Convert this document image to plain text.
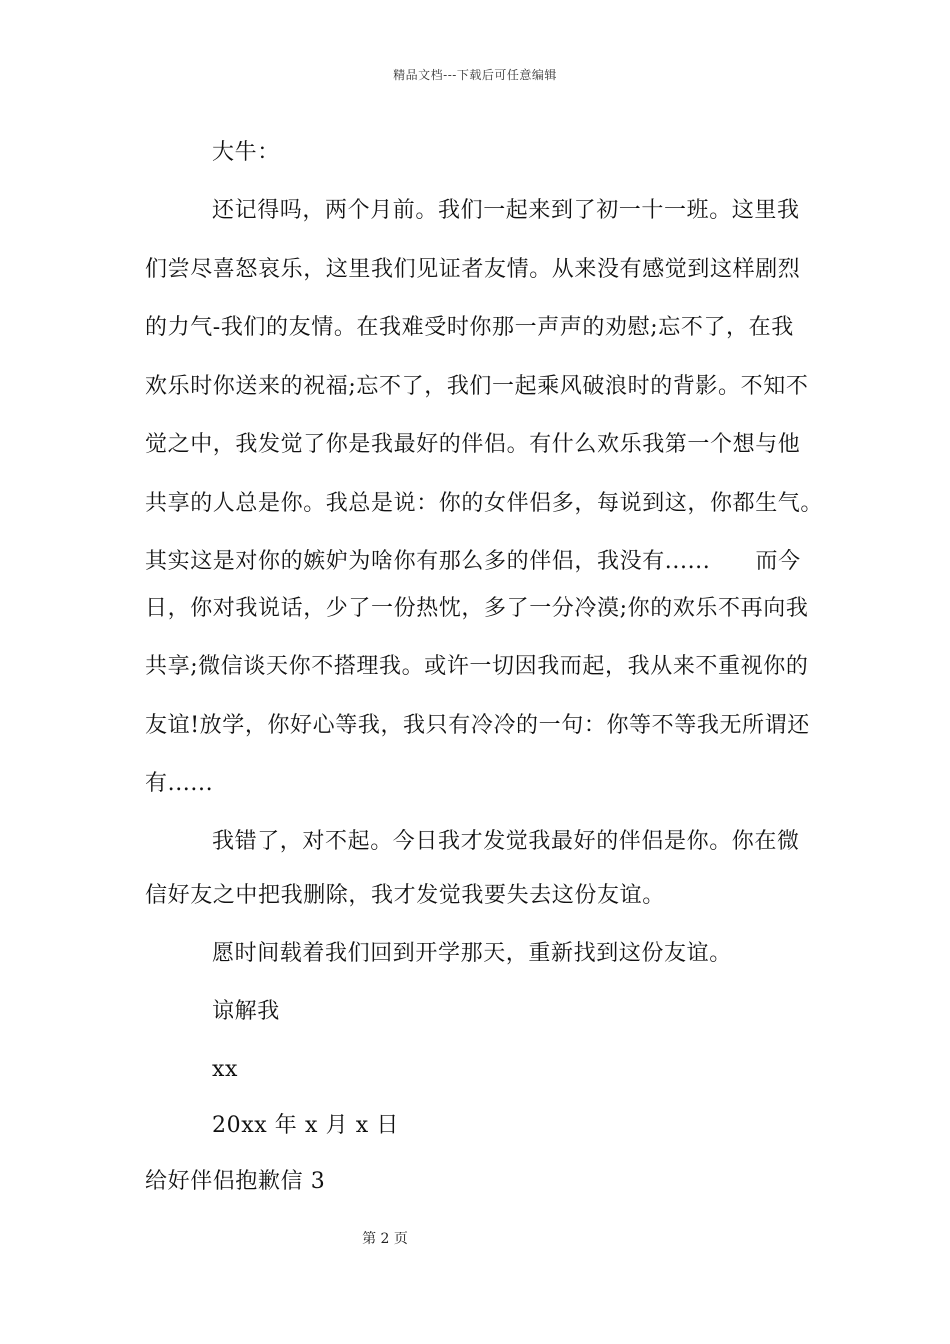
精品文档---下载后可任意编辑
大牛：
还记得吗，两个月前。我们一起来到了初一十一班。这里我
们尝尽喜怒哀乐，这里我们见证者友情。从来没有感觉到这样剧烈
的力气-我们的友情。在我难受时你那一声声的劝慰;忘不了，在我
欢乐时你送来的祝福;忘不了，我们一起乘风破浪时的背影。不知不
觉之中，我发觉了你是我最好的伴侣。有什么欢乐我第一个想与他
共享的人总是你。我总是说：你的女伴侣多，每说到这，你都生气。
其实这是对你的嫉妒为啥你有那么多的伴侣，我没有......　　而今
日，你对我说话，少了一份热忱，多了一分冷漠;你的欢乐不再向我
共享;微信谈天你不搭理我。或许一切因我而起，我从来不重视你的
友谊!放学，你好心等我，我只有冷冷的一句：你等不等我无所谓还
有......
我错了，对不起。今日我才发觉我最好的伴侣是你。你在微
信好友之中把我删除，我才发觉我要失去这份友谊。
愿时间载着我们回到开学那天，重新找到这份友谊。
谅解我
xx
20xx 年 x 月 x 日
给好伴侣抱歉信 3
第 2 页
